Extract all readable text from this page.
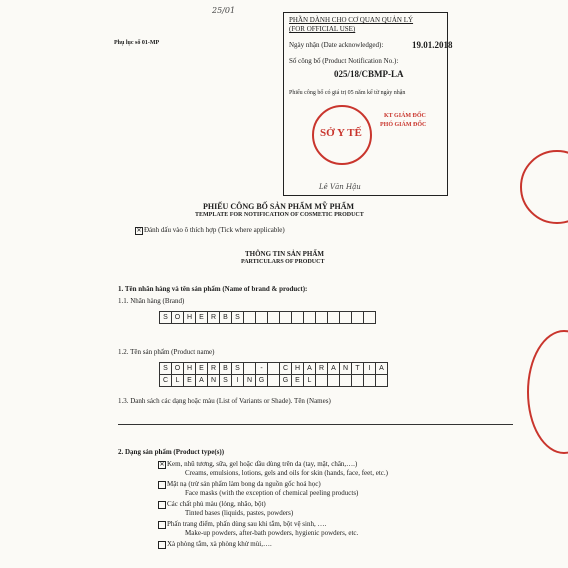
25/01
Phụ lục số 01-MP
PHẦN DÀNH CHO CƠ QUAN QUẢN LÝ
(FOR OFFICIAL USE)
Ngày nhận (Date acknowledged):	19.01.2018
Số công bố (Product Notification No.):
025/18/CBMP-LA
Phiếu công bố có giá trị 05 năm kể từ ngày nhận
SỞ Y TẾ
KT GIÁM ĐỐC
PHÓ GIÁM ĐỐC
Lê Văn Hậu
PHIẾU CÔNG BỐ SẢN PHẨM MỸ PHẨM
TEMPLATE FOR NOTIFICATION OF COSMETIC PRODUCT
✕ Đánh dấu vào ô thích hợp (Tick where applicable)
THÔNG TIN SẢN PHẨM
PARTICULARS OF PRODUCT
1. Tên nhãn hàng và tên sản phẩm (Name of brand & product):
1.1. Nhãn hàng (Brand)
S	O	H	E	R	B	S											
1.2. Tên sản phẩm (Product name)
S	O	H	E	R	B	S		-		C	H	A	R	A	N	T	I	A
C	L	E	A	N	S	I	N	G		G	E	L						
1.3. Danh sách các dạng hoặc màu (List of Variants or Shade). Tên (Names)
2. Dạng sản phẩm (Product type(s))
✕ Kem, nhũ tương, sữa, gel hoặc dầu dùng trên da (tay, mặt, chân,….)
Creams, emulsions, lotions, gels and oils for skin (hands, face, feet, etc.)
Mặt nạ (trừ sản phẩm làm bong da nguồn gốc hoá học)
Face masks (with the exception of chemical peeling products)
Các chất phủ màu (lỏng, nhão, bột)
Tinted bases (liquids, pastes, powders)
Phấn trang điểm, phấn dùng sau khi tắm, bột vệ sinh, ….
Make-up powders, after-bath powders, hygienic powders, etc.
Xà phòng tắm, xà phòng khử mùi,….
